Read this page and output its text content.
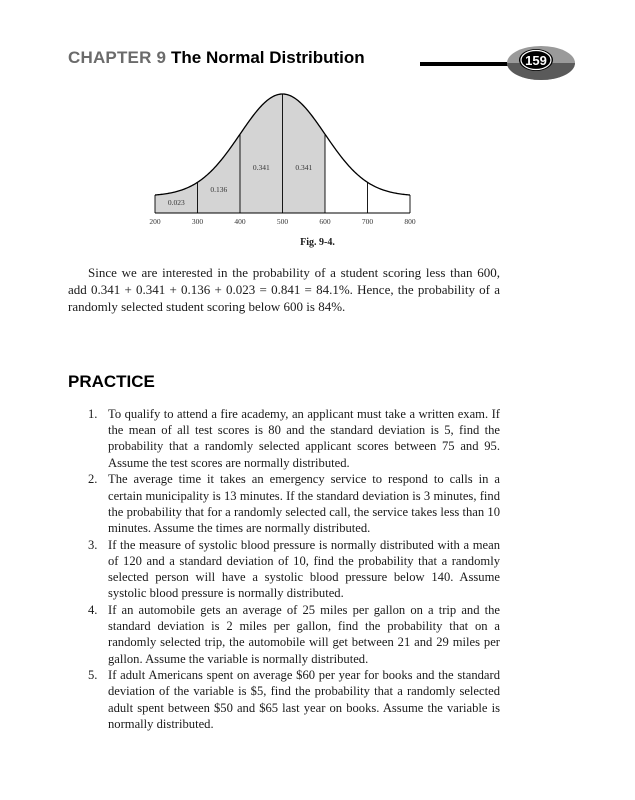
CHAPTER 9 The Normal Distribution	159
200	300	400	500	600	700	800
0.023
0.136
0.341	0.341
Fig. 9-4.

Since we are interested in the probability of a student scoring less than 600, add 0.341 + 0.341 + 0.136 + 0.023 = 0.841 = 84.1%. Hence, the probability of a randomly selected student scoring below 600 is 84%.

PRACTICE
1. To qualify to attend a fire academy, an applicant must take a written exam. If the mean of all test scores is 80 and the standard deviation is 5, find the probability that a randomly selected applicant scores between 75 and 95. Assume the test scores are normally distributed.
2. The average time it takes an emergency service to respond to calls in a certain municipality is 13 minutes. If the standard deviation is 3 minutes, find the probability that for a randomly selected call, the service takes less than 10 minutes. Assume the times are normally distributed.
3. If the measure of systolic blood pressure is normally distributed with a mean of 120 and a standard deviation of 10, find the probability that a randomly selected person will have a systolic blood pressure below 140. Assume systolic blood pressure is normally distributed.
4. If an automobile gets an average of 25 miles per gallon on a trip and the standard deviation is 2 miles per gallon, find the probability that on a randomly selected trip, the automobile will get between 21 and 29 miles per gallon. Assume the variable is normally distributed.
5. If adult Americans spent on average $60 per year for books and the standard deviation of the variable is $5, find the probability that a randomly selected adult spent between $50 and $65 last year on books. Assume the variable is normally distributed.
